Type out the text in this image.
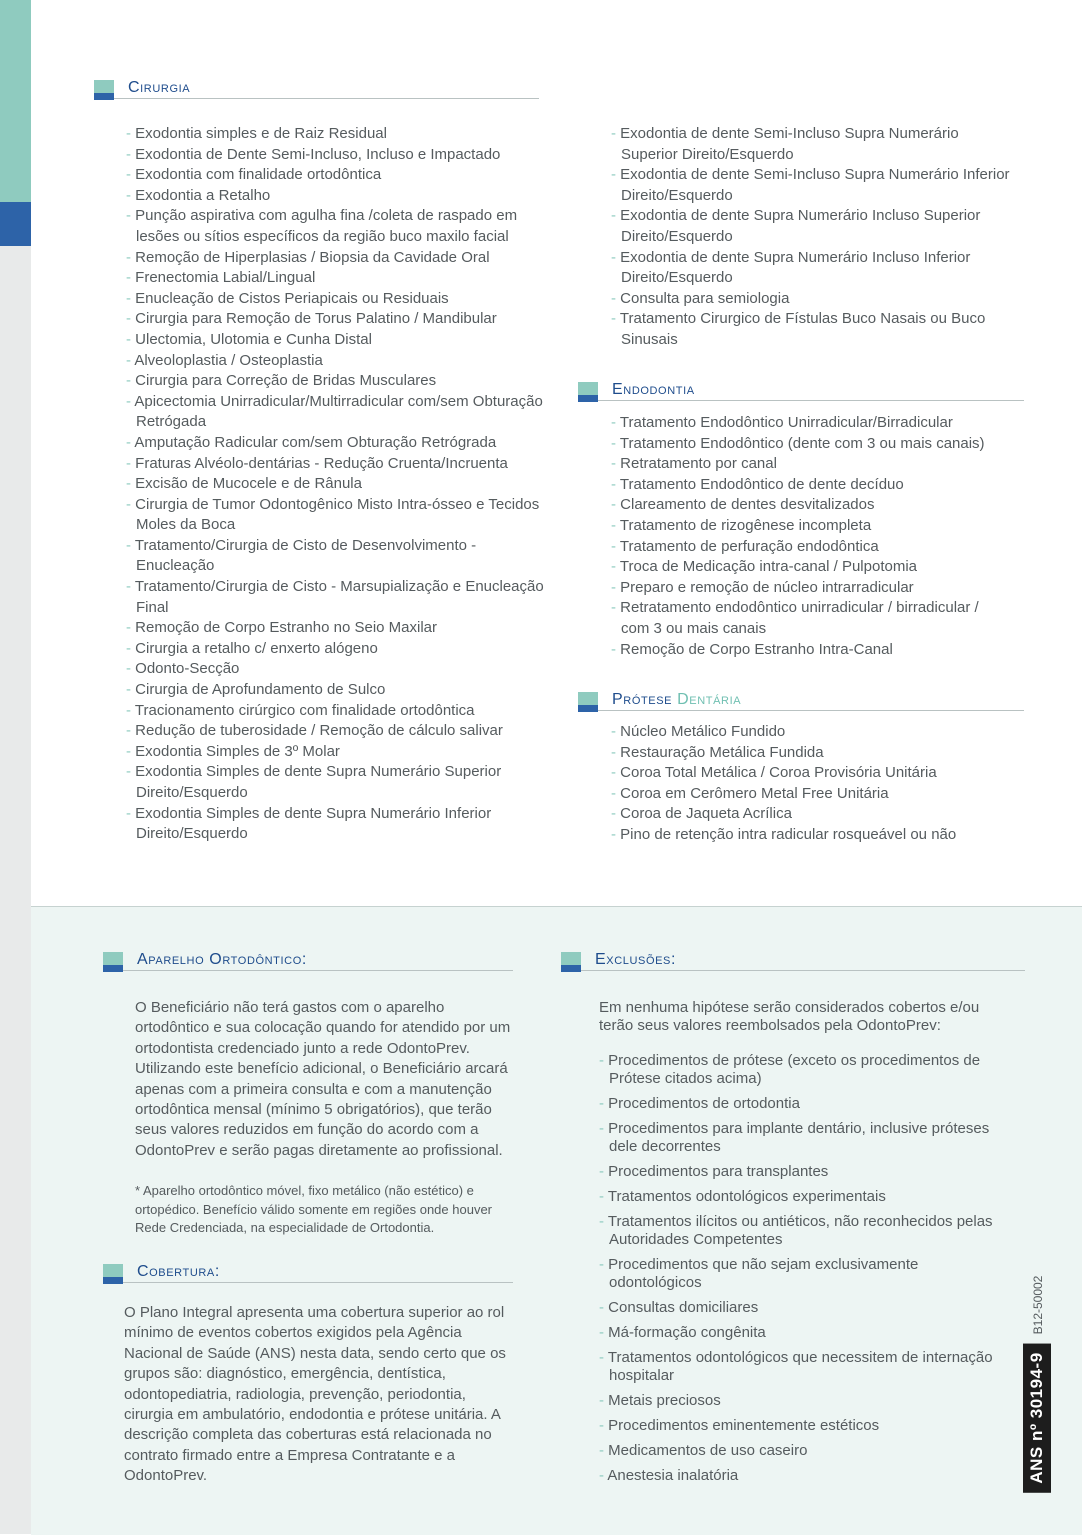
Cirurgia
- Exodontia simples e de Raiz Residual
- Exodontia de Dente Semi-Incluso, Incluso e Impactado
- Exodontia com finalidade ortodôntica
- Exodontia a Retalho
- Punção aspirativa com agulha fina /coleta de raspado em lesões ou sítios específicos da região buco maxilo facial
- Remoção de Hiperplasias / Biopsia da Cavidade Oral
- Frenectomia Labial/Lingual
- Enucleação de Cistos Periapicais ou Residuais
- Cirurgia para Remoção de Torus Palatino / Mandibular
- Ulectomia, Ulotomia e Cunha Distal
- Alveoloplastia / Osteoplastia
- Cirurgia para Correção de Bridas Musculares
- Apicectomia Unirradicular/Multirradicular com/sem Obturação Retrógada
- Amputação Radicular com/sem Obturação Retrógrada
- Fraturas Alvéolo-dentárias - Redução Cruenta/Incruenta
- Excisão de Mucocele e de Rânula
- Cirurgia de Tumor Odontogênico Misto Intra-ósseo e Tecidos Moles da Boca
- Tratamento/Cirurgia de Cisto de Desenvolvimento - Enucleação
- Tratamento/Cirurgia de Cisto - Marsupialização e Enucleação Final
- Remoção de Corpo Estranho no Seio Maxilar
- Cirurgia a retalho c/ enxerto alógeno
- Odonto-Secção
- Cirurgia de Aprofundamento de Sulco
- Tracionamento cirúrgico com finalidade ortodôntica
- Redução de tuberosidade / Remoção de cálculo salivar
- Exodontia Simples de 3º Molar
- Exodontia Simples de dente Supra Numerário Superior Direito/Esquerdo
- Exodontia Simples de dente Supra Numerário Inferior Direito/Esquerdo
- Exodontia de dente Semi-Incluso Supra Numerário Superior Direito/Esquerdo
- Exodontia de dente Semi-Incluso Supra Numerário Inferior Direito/Esquerdo
- Exodontia de dente Supra Numerário Incluso Superior Direito/Esquerdo
- Exodontia de dente Supra Numerário Incluso Inferior Direito/Esquerdo
- Consulta para semiologia
- Tratamento Cirurgico de Fístulas Buco Nasais ou Buco Sinusais
Endodontia
- Tratamento Endodôntico Unirradicular/Birradicular
- Tratamento Endodôntico (dente com 3 ou mais canais)
- Retratamento por canal
- Tratamento Endodôntico de dente decíduo
- Clareamento de dentes desvitalizados
- Tratamento de rizogênese incompleta
- Tratamento de perfuração endodôntica
- Troca de Medicação intra-canal / Pulpotomia
- Preparo e remoção de núcleo intrarradicular
- Retratamento endodôntico unirradicular / birradicular / com 3 ou mais canais
- Remoção de Corpo Estranho Intra-Canal
Prótese Dentária
- Núcleo Metálico Fundido
- Restauração Metálica Fundida
- Coroa Total Metálica / Coroa Provisória Unitária
- Coroa em Cerômero Metal Free Unitária
- Coroa de Jaqueta Acrílica
- Pino de retenção intra radicular rosqueável ou não
Aparelho Ortodôntico:

O Beneficiário não terá gastos com o aparelho ortodôntico e sua colocação quando for atendido por um ortodontista credenciado junto a rede OdontoPrev. Utilizando este benefício adicional, o Beneficiário arcará apenas com a primeira consulta e com a manutenção ortodôntica mensal (mínimo 5 obrigatórios), que terão seus valores reduzidos em função do acordo com a OdontoPrev e serão pagas diretamente ao profissional.

* Aparelho ortodôntico móvel, fixo metálico (não estético) e ortopédico. Benefício válido somente em regiões onde houver Rede Credenciada, na especialidade de Ortodontia.

Cobertura:

O Plano Integral apresenta uma cobertura superior ao rol mínimo de eventos cobertos exigidos pela Agência Nacional de Saúde (ANS) nesta data, sendo certo que os grupos são: diagnóstico, emergência, dentística, odontopediatria, radiologia, prevenção, periodontia, cirurgia em ambulatório, endodontia e prótese unitária. A descrição completa das coberturas está relacionada no contrato firmado entre a Empresa Contratante e a OdontoPrev.

Exclusões:

Em nenhuma hipótese serão considerados cobertos e/ou terão seus valores reembolsados pela OdontoPrev:

- Procedimentos de prótese (exceto os procedimentos de Prótese citados acima)
- Procedimentos de ortodontia
- Procedimentos para implante dentário, inclusive próteses dele decorrentes
- Procedimentos para transplantes
- Tratamentos odontológicos experimentais
- Tratamentos ilícitos ou antiéticos, não reconhecidos pelas Autoridades Competentes
- Procedimentos que não sejam exclusivamente odontológicos
- Consultas domiciliares
- Má-formação congênita
- Tratamentos odontológicos que necessitem de internação hospitalar
- Metais preciosos
- Procedimentos eminentemente estéticos
- Medicamentos de uso caseiro
- Anestesia inalatória	ANS nº 30194-9
B12-50002
